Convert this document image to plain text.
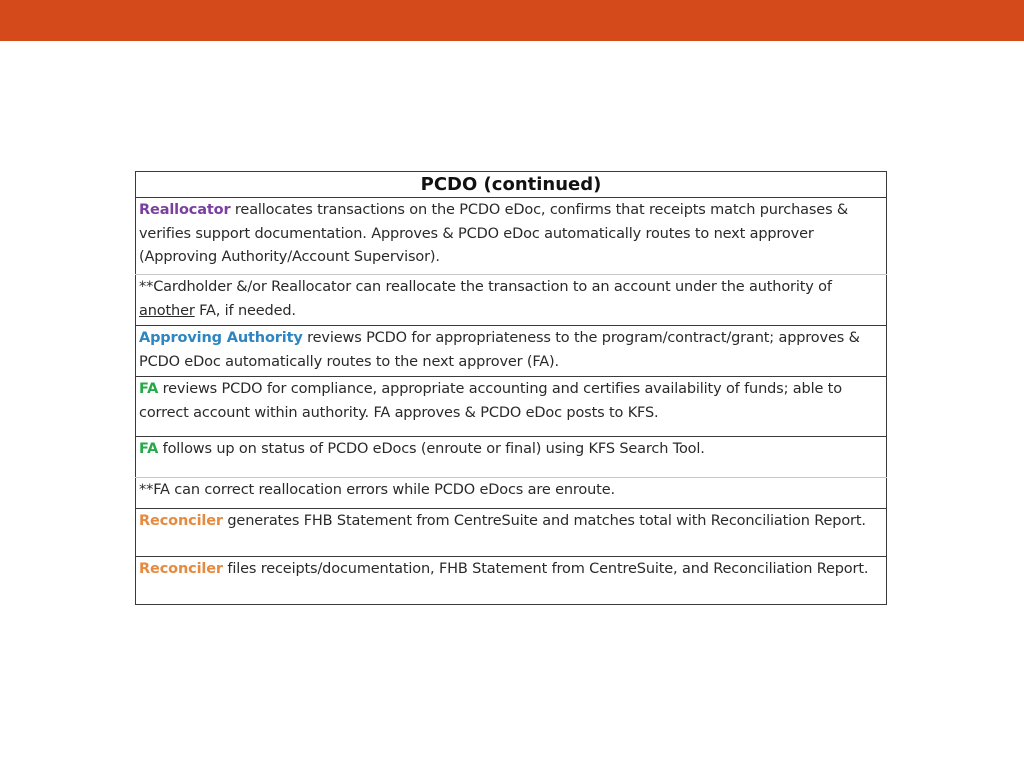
PCDO (continued)
Reallocator reallocates transactions on the PCDO eDoc, confirms that receipts match purchases & verifies support documentation. Approves & PCDO eDoc automatically routes to next approver (Approving Authority/Account Supervisor).
**Cardholder &/or Reallocator can reallocate the transaction to an account under the authority of another FA, if needed.
Approving Authority reviews PCDO for appropriateness to the program/contract/grant; approves & PCDO eDoc automatically routes to the next approver (FA).
FA reviews PCDO for compliance, appropriate accounting and certifies availability of funds; able to correct account within authority. FA approves & PCDO eDoc posts to KFS.
FA follows up on status of PCDO eDocs (enroute or final) using KFS Search Tool.
**FA can correct reallocation errors while PCDO eDocs are enroute.
Reconciler generates FHB Statement from CentreSuite and matches total with Reconciliation Report.
Reconciler files receipts/documentation, FHB Statement from CentreSuite, and Reconciliation Report.
